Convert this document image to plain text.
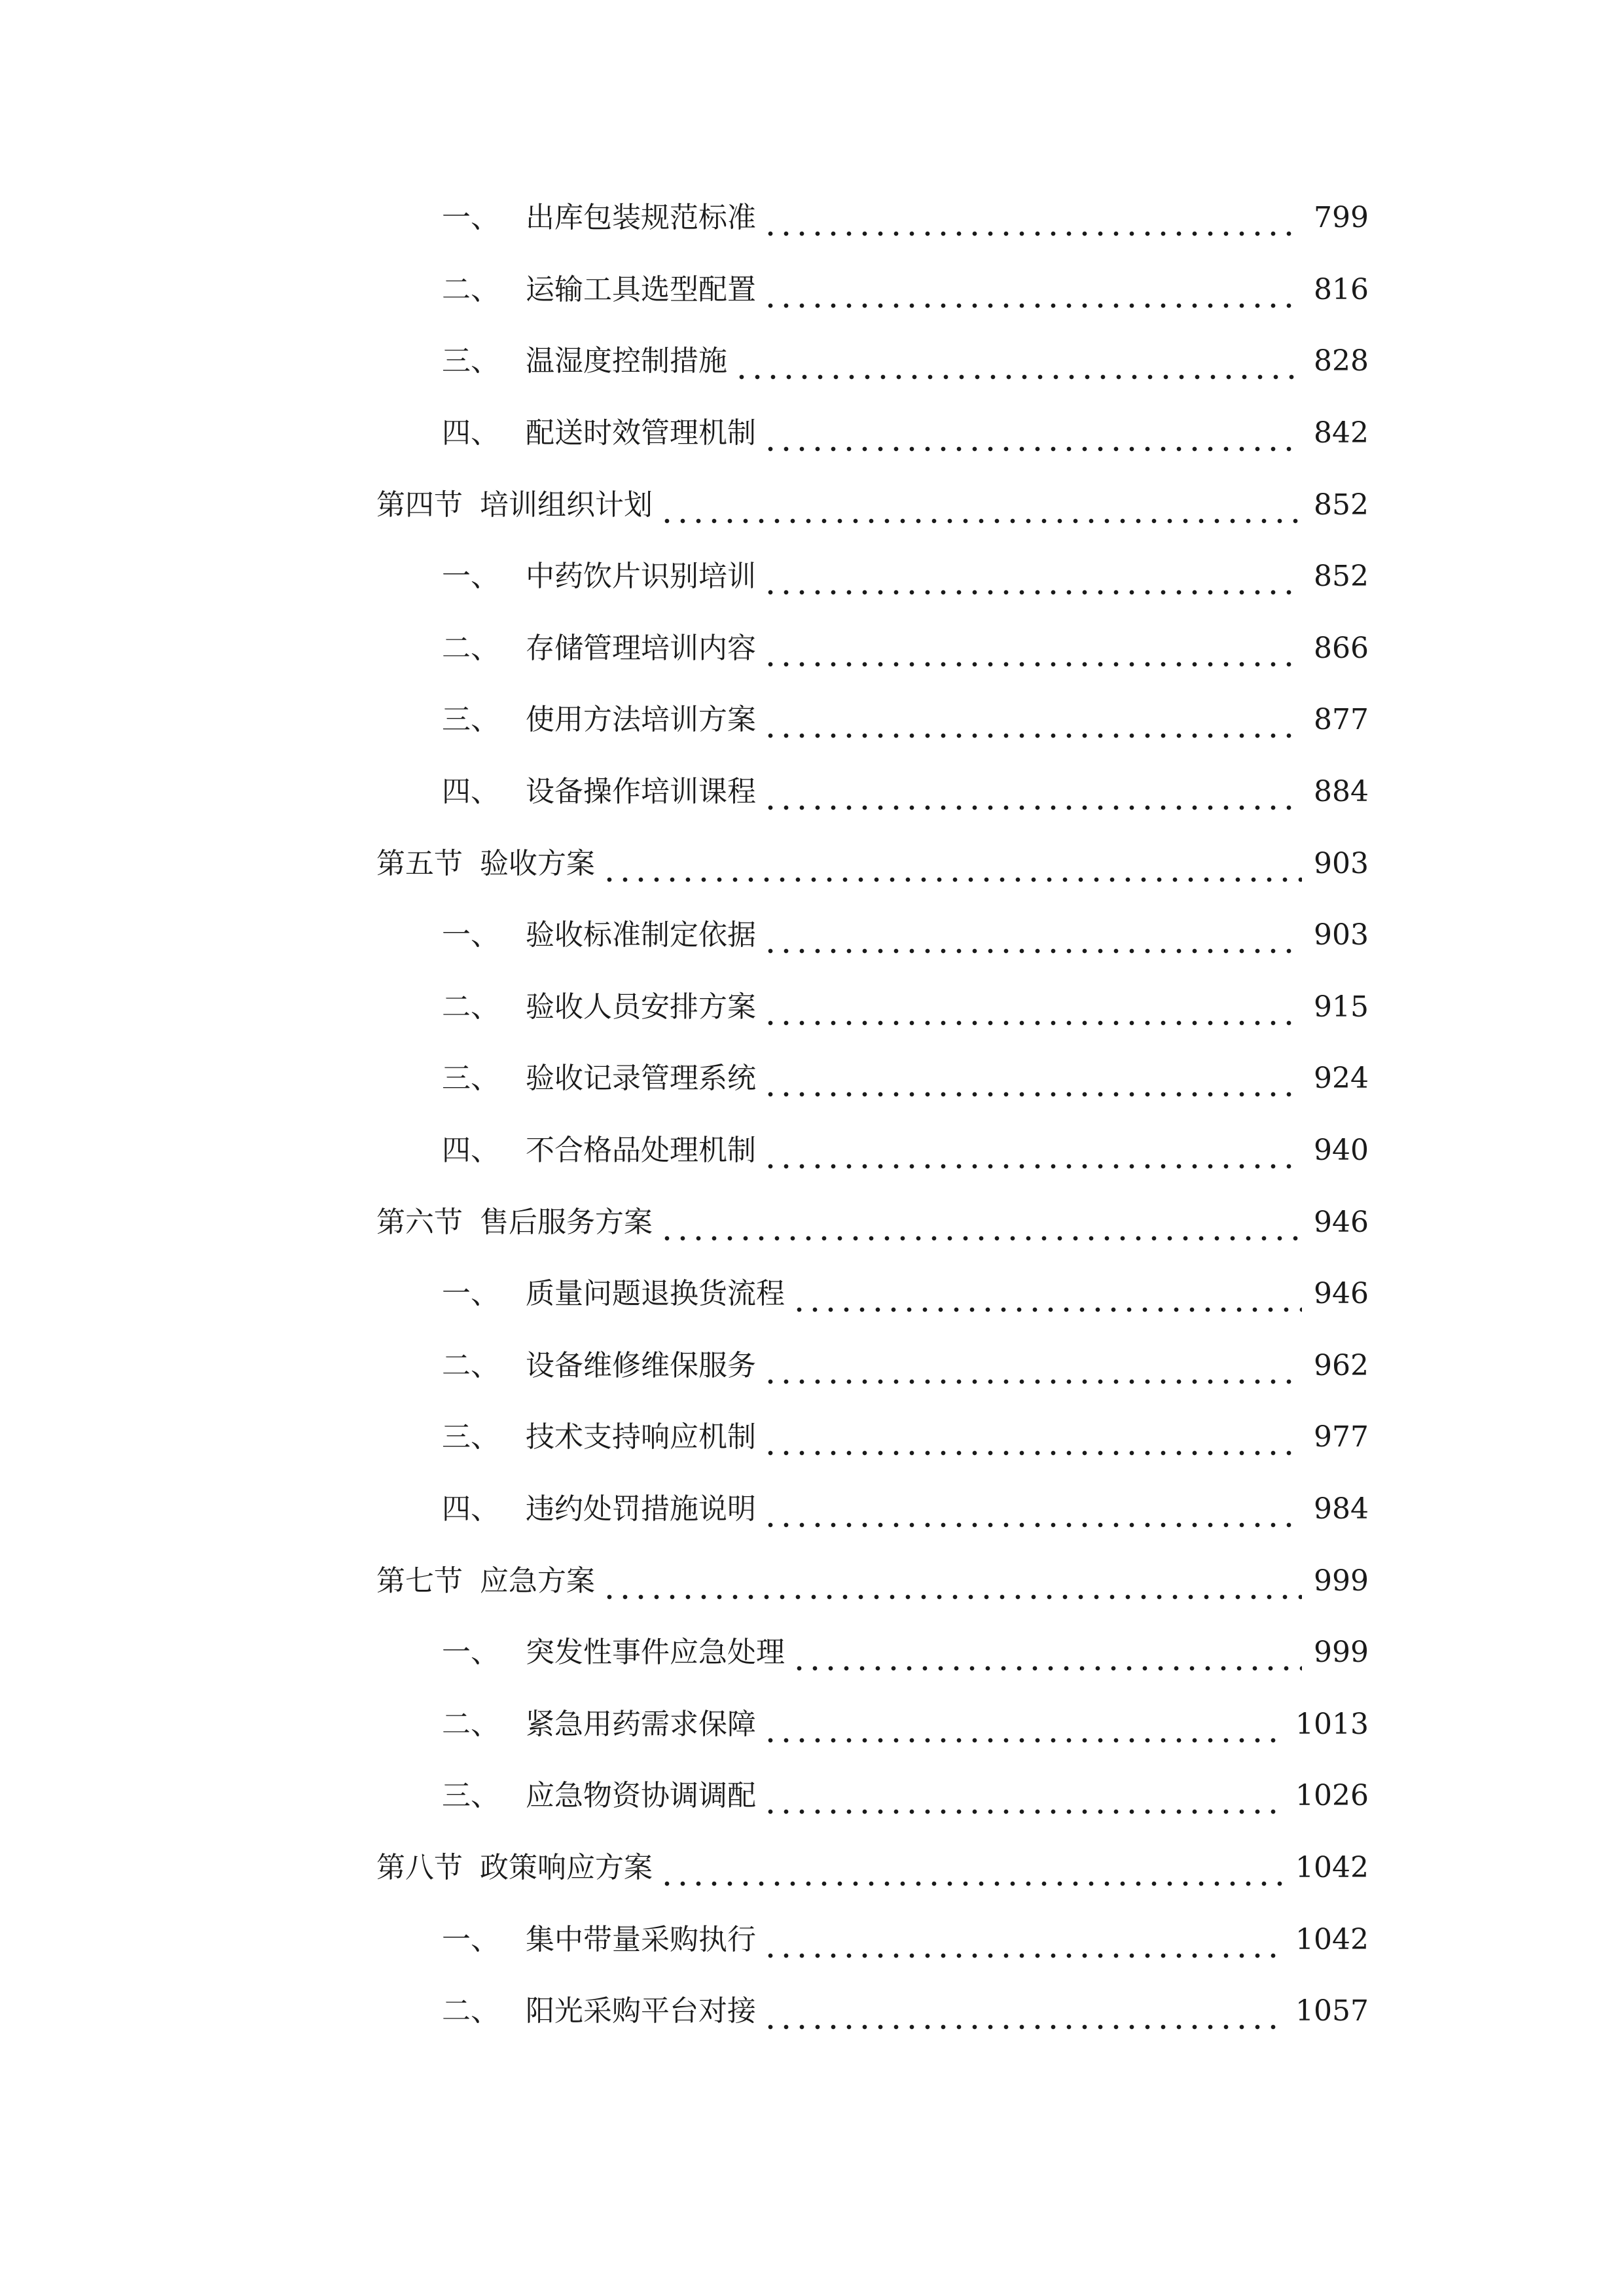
一、 出库包装规范标准	799
二、 运输工具选型配置	816
三、 温湿度控制措施	828
四、 配送时效管理机制	842
第四节 培训组织计划	852
一、 中药饮片识别培训	852
二、 存储管理培训内容	866
三、 使用方法培训方案	877
四、 设备操作培训课程	884
第五节 验收方案	903
一、 验收标准制定依据	903
二、 验收人员安排方案	915
三、 验收记录管理系统	924
四、 不合格品处理机制	940
第六节 售后服务方案	946
一、 质量问题退换货流程	946
二、 设备维修维保服务	962
三、 技术支持响应机制	977
四、 违约处罚措施说明	984
第七节 应急方案	999
一、 突发性事件应急处理	999
二、 紧急用药需求保障	1013
三、 应急物资协调调配	1026
第八节 政策响应方案	1042
一、 集中带量采购执行	1042
二、 阳光采购平台对接	1057
